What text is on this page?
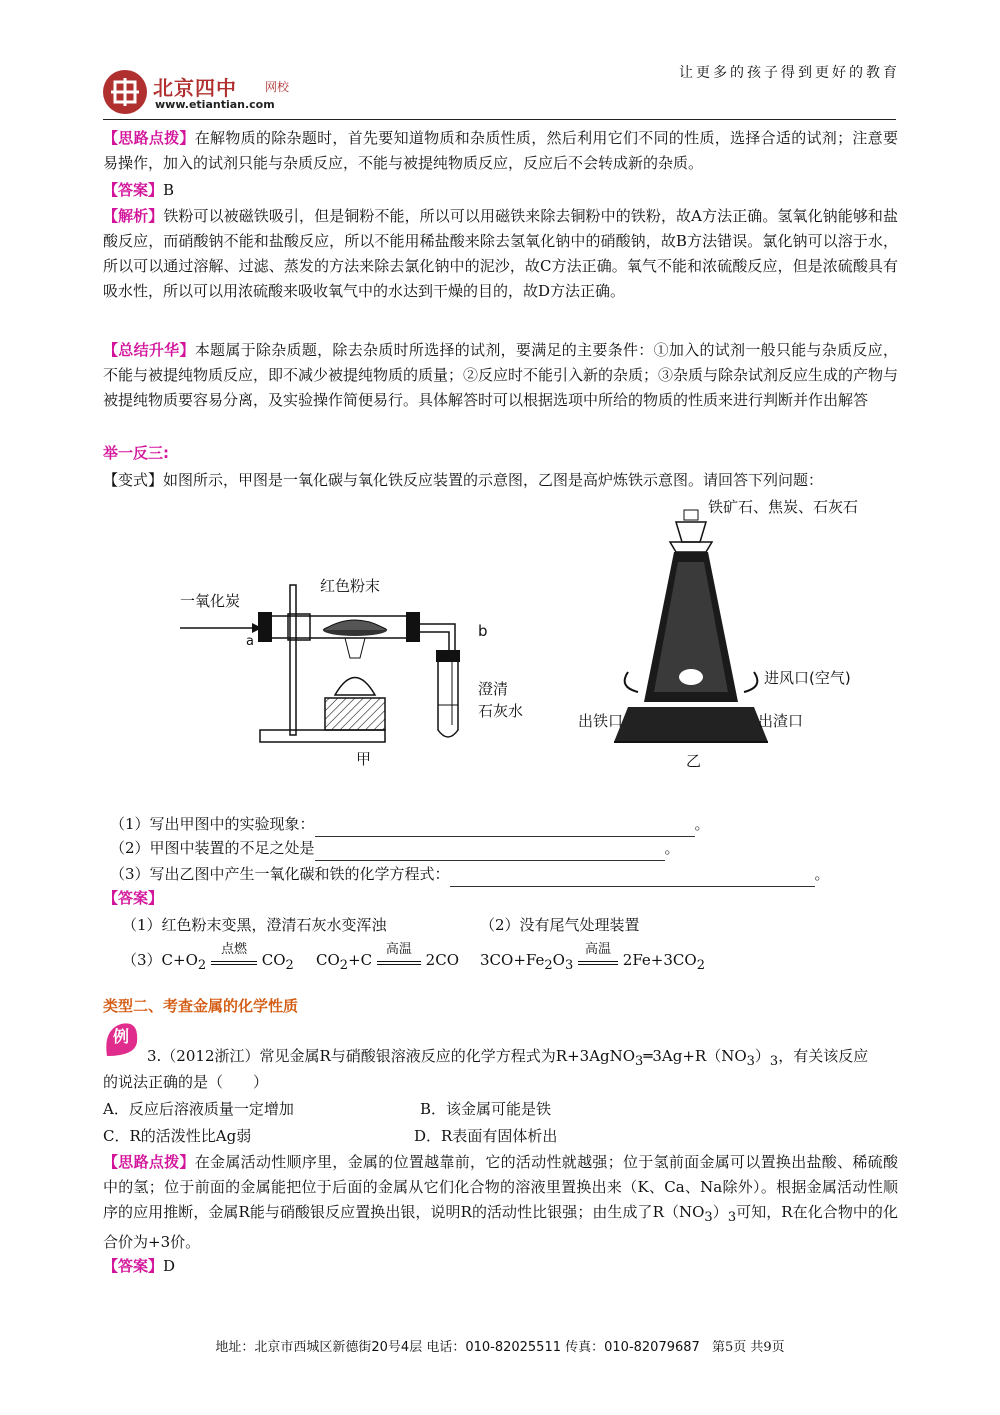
让更多的孩子得到更好的教育
北京四中 网校
www.etiantian.com
【思路点拨】在解物质的除杂题时，首先要知道物质和杂质性质，然后利用它们不同的性质，选择合适的试剂；注意要易操作，加入的试剂只能与杂质反应，不能与被提纯物质反应，反应后不会转成新的杂质。
【答案】B
【解析】铁粉可以被磁铁吸引，但是铜粉不能，所以可以用磁铁来除去铜粉中的铁粉，故A方法正确。氢氧化钠能够和盐酸反应，而硝酸钠不能和盐酸反应，所以不能用稀盐酸来除去氢氧化钠中的硝酸钠，故B方法错误。氯化钠可以溶于水，所以可以通过溶解、过滤、蒸发的方法来除去氯化钠中的泥沙，故C方法正确。氧气不能和浓硫酸反应，但是浓硫酸具有吸水性，所以可以用浓硫酸来吸收氧气中的水达到干燥的目的，故D方法正确。
【总结升华】本题属于除杂质题，除去杂质时所选择的试剂，要满足的主要条件：①加入的试剂一般只能与杂质反应，不能与被提纯物质反应，即不减少被提纯物质的质量；②反应时不能引入新的杂质；③杂质与除杂试剂反应生成的产物与被提纯物质要容易分离，及实验操作简便易行。具体解答时可以根据选项中所给的物质的性质来进行判断并作出解答
举一反三:
【变式】如图所示，甲图是一氧化碳与氧化铁反应装置的示意图，乙图是高炉炼铁示意图。请回答下列问题：
一氧化炭
红色粉末
a
b
澄清
石灰水
甲
铁矿石、焦炭、石灰石
进风口(空气)
出铁口	出渣口
乙
（1）写出甲图中的实验现象：	。
（2）甲图中装置的不足之处是	。
（3）写出乙图中产生一氧化碳和铁的化学方程式：	。
【答案】
（1）红色粉末变黑，澄清石灰水变浑浊	（2）没有尾气处理装置
$(3)C+O_2$
点燃
$CO_2$ $CO_2+C$
高温
2CO $3CO+Fe_2O_3$
高温
$2Fe+3CO_2$
类型二、考查金属的化学性质
例
3.（2012浙江）常见金属R与硝酸银溶液反应的化学方程式为$R+3AgNO_3═3Ag+R(NO_3)_3$，有关该反应
的说法正确的是（　　）
A．反应后溶液质量一定增加	B．该金属可能是铁
C．R的活泼性比Ag弱	D．R表面有固体析出
【思路点拨】在金属活动性顺序里，金属的位置越靠前，它的活动性就越强；位于氢前面金属可以置换出盐酸、稀硫酸中的氢；位于前面的金属能把位于后面的金属从它们化合物的溶液里置换出来（K、Ca、Na除外）。根据金属活动性顺序的应用推断，金属R能与硝酸银反应置换出银，说明R的活动性比银强；由生成了$R(NO_3)_3$可知，R在化合物中的化合价为+3价。
【答案】D
地址：北京市西城区新德街20号4层 电话：010-82025511 传真：010-82079687 第5页 共9页
